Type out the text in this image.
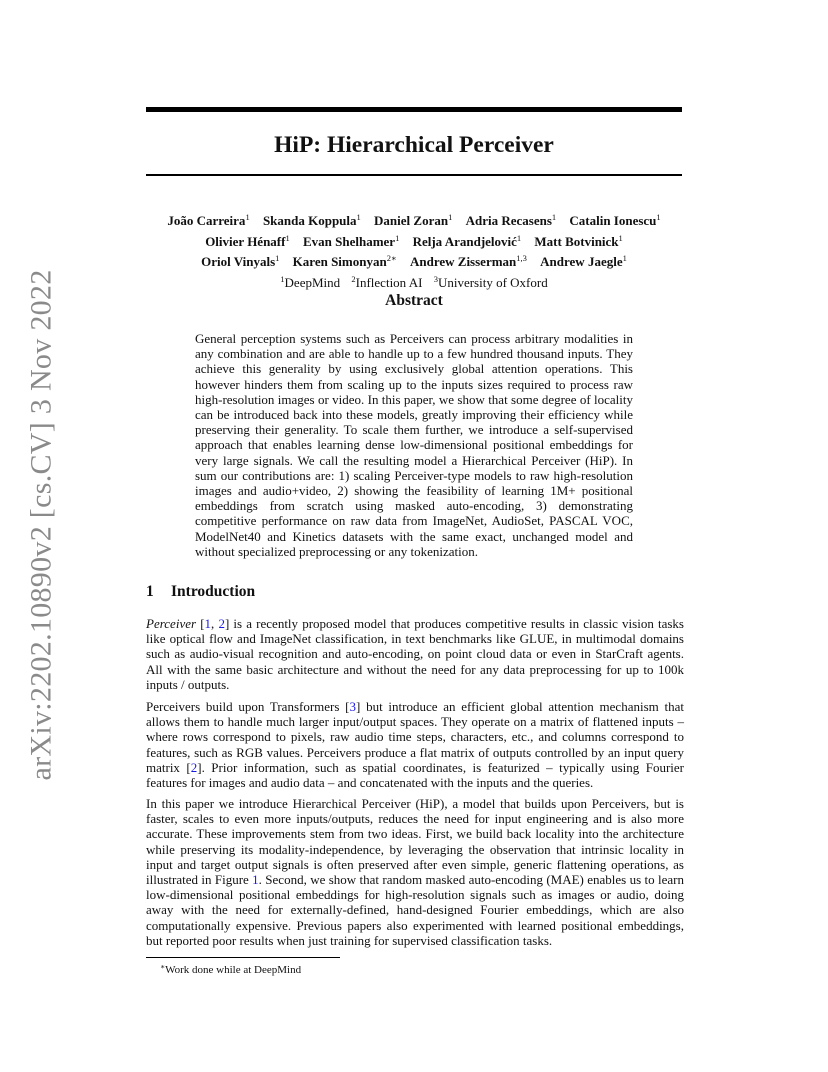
arXiv:2202.10890v2 [cs.CV] 3 Nov 2022
HiP: Hierarchical Perceiver
João Carreira$^1$ Skanda Koppula$^1$ Daniel Zoran$^1$ Adria Recasens$^1$ Catalin Ionescu$^1$
Olivier Hénaff$^1$ Evan Shelhamer$^1$ Relja Arandjelović$^1$ Matt Botvinick$^1$
Oriol Vinyals$^1$ Karen Simonyan$^{2∗}$ Andrew Zisserman$^{1,3}$ Andrew Jaegle$^1$
$^1$DeepMind $^2$Inflection AI $^3$University of Oxford
Abstract

General perception systems such as Perceivers can process arbitrary modalities in any combination and are able to handle up to a few hundred thousand inputs. They achieve this generality by using exclusively global attention operations. This however hinders them from scaling up to the inputs sizes required to process raw high-resolution images or video. In this paper, we show that some degree of locality can be introduced back into these models, greatly improving their efficiency while preserving their generality. To scale them further, we introduce a self-supervised approach that enables learning dense low-dimensional positional embeddings for very large signals. We call the resulting model a Hierarchical Perceiver (HiP). In sum our contributions are: 1) scaling Perceiver-type models to raw high-resolution images and audio+video, 2) showing the feasibility of learning 1M+ positional embeddings from scratch using masked auto-encoding, 3) demonstrating competitive performance on raw data from ImageNet, AudioSet, PASCAL VOC, ModelNet40 and Kinetics datasets with the same exact, unchanged model and without specialized preprocessing or any tokenization.

1 Introduction

Perceiver [1, 2] is a recently proposed model that produces competitive results in classic vision tasks like optical flow and ImageNet classification, in text benchmarks like GLUE, in multimodal domains such as audio-visual recognition and auto-encoding, on point cloud data or even in StarCraft agents. All with the same basic architecture and without the need for any data preprocessing for up to 100k inputs / outputs.

Perceivers build upon Transformers [3] but introduce an efficient global attention mechanism that allows them to handle much larger input/output spaces. They operate on a matrix of flattened inputs – where rows correspond to pixels, raw audio time steps, characters, etc., and columns correspond to features, such as RGB values. Perceivers produce a flat matrix of outputs controlled by an input query matrix [2]. Prior information, such as spatial coordinates, is featurized – typically using Fourier features for images and audio data – and concatenated with the inputs and the queries.

In this paper we introduce Hierarchical Perceiver (HiP), a model that builds upon Perceivers, but is faster, scales to even more inputs/outputs, reduces the need for input engineering and is also more accurate. These improvements stem from two ideas. First, we build back locality into the architecture while preserving its modality-independence, by leveraging the observation that intrinsic locality in input and target output signals is often preserved after even simple, generic flattening operations, as illustrated in Figure 1. Second, we show that random masked auto-encoding (MAE) enables us to learn low-dimensional positional embeddings for high-resolution signals such as images or audio, doing away with the need for externally-defined, hand-designed Fourier embeddings, which are also computationally expensive. Previous papers also experimented with learned positional embeddings, but reported poor results when just training for supervised classification tasks.

∗Work done while at DeepMind
